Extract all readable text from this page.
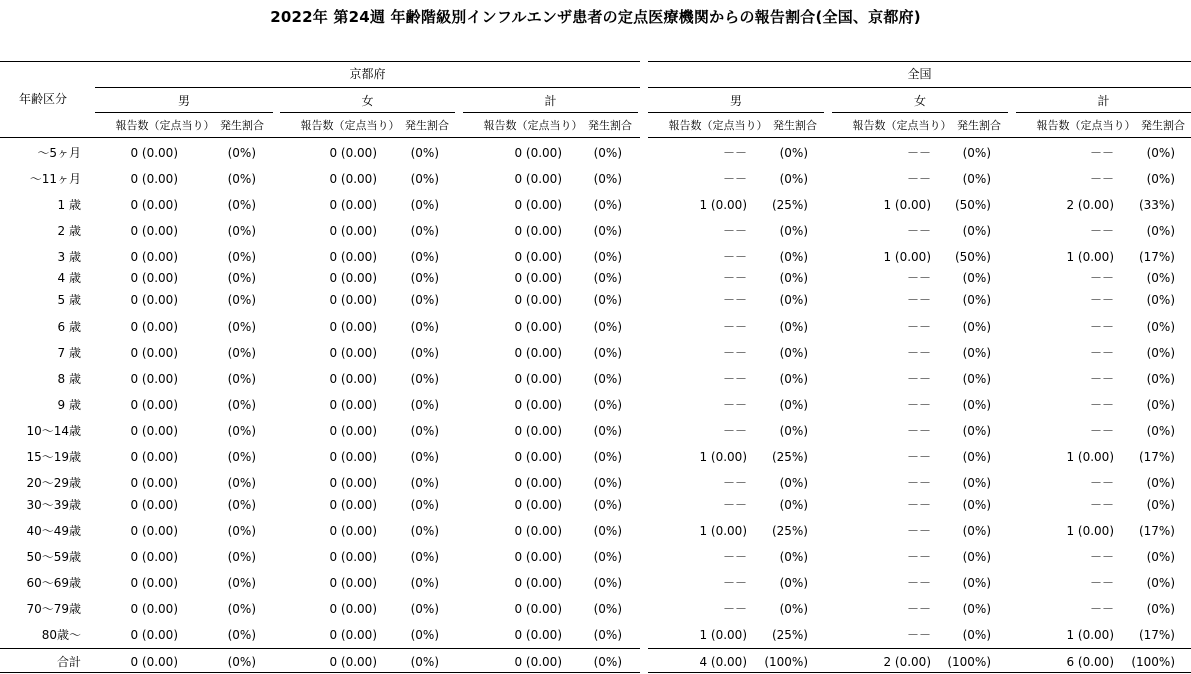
2022年 第24週 年齢階級別インフルエンザ患者の定点医療機関からの報告割合(全国、京都府)
年齢区分
京都府	全国
男
報告数（定点当り） 発生割合
女
報告数（定点当り） 発生割合
計
報告数（定点当り） 発生割合
男
報告数（定点当り） 発生割合
女
報告数（定点当り） 発生割合
計
報告数（定点当り） 発生割合
～5ヶ月	0 (0.00)	(0%)	0 (0.00)	(0%)	0 (0.00)	(0%)	－－	(0%)	－－	(0%)	－－	(0%)
～11ヶ月	0 (0.00)	(0%)	0 (0.00)	(0%)	0 (0.00)	(0%)	－－	(0%)	－－	(0%)	－－	(0%)
1 歳	0 (0.00)	(0%)	0 (0.00)	(0%)	0 (0.00)	(0%)	1 (0.00)	(25%)	1 (0.00)	(50%)	2 (0.00)	(33%)
2 歳	0 (0.00)	(0%)	0 (0.00)	(0%)	0 (0.00)	(0%)	－－	(0%)	－－	(0%)	－－	(0%)
3 歳	0 (0.00)	(0%)	0 (0.00)	(0%)	0 (0.00)	(0%)	－－	(0%)	1 (0.00)	(50%)	1 (0.00)	(17%)
4 歳	0 (0.00)	(0%)	0 (0.00)	(0%)	0 (0.00)	(0%)	－－	(0%)	－－	(0%)	－－	(0%)
5 歳	0 (0.00)	(0%)	0 (0.00)	(0%)	0 (0.00)	(0%)	－－	(0%)	－－	(0%)	－－	(0%)
6 歳	0 (0.00)	(0%)	0 (0.00)	(0%)	0 (0.00)	(0%)	－－	(0%)	－－	(0%)	－－	(0%)
7 歳	0 (0.00)	(0%)	0 (0.00)	(0%)	0 (0.00)	(0%)	－－	(0%)	－－	(0%)	－－	(0%)
8 歳	0 (0.00)	(0%)	0 (0.00)	(0%)	0 (0.00)	(0%)	－－	(0%)	－－	(0%)	－－	(0%)
9 歳	0 (0.00)	(0%)	0 (0.00)	(0%)	0 (0.00)	(0%)	－－	(0%)	－－	(0%)	－－	(0%)
10～14歳	0 (0.00)	(0%)	0 (0.00)	(0%)	0 (0.00)	(0%)	－－	(0%)	－－	(0%)	－－	(0%)
15～19歳	0 (0.00)	(0%)	0 (0.00)	(0%)	0 (0.00)	(0%)	1 (0.00)	(25%)	－－	(0%)	1 (0.00)	(17%)
20～29歳	0 (0.00)	(0%)	0 (0.00)	(0%)	0 (0.00)	(0%)	－－	(0%)	－－	(0%)	－－	(0%)
30～39歳	0 (0.00)	(0%)	0 (0.00)	(0%)	0 (0.00)	(0%)	－－	(0%)	－－	(0%)	－－	(0%)
40～49歳	0 (0.00)	(0%)	0 (0.00)	(0%)	0 (0.00)	(0%)	1 (0.00)	(25%)	－－	(0%)	1 (0.00)	(17%)
50～59歳	0 (0.00)	(0%)	0 (0.00)	(0%)	0 (0.00)	(0%)	－－	(0%)	－－	(0%)	－－	(0%)
60～69歳	0 (0.00)	(0%)	0 (0.00)	(0%)	0 (0.00)	(0%)	－－	(0%)	－－	(0%)	－－	(0%)
70～79歳	0 (0.00)	(0%)	0 (0.00)	(0%)	0 (0.00)	(0%)	－－	(0%)	－－	(0%)	－－	(0%)
80歳～	0 (0.00)	(0%)	0 (0.00)	(0%)	0 (0.00)	(0%)	1 (0.00)	(25%)	－－	(0%)	1 (0.00)	(17%)
合計	0 (0.00)	(0%)	0 (0.00)	(0%)	0 (0.00)	(0%)	4 (0.00)	(100%)	2 (0.00)	(100%)	6 (0.00)	(100%)
